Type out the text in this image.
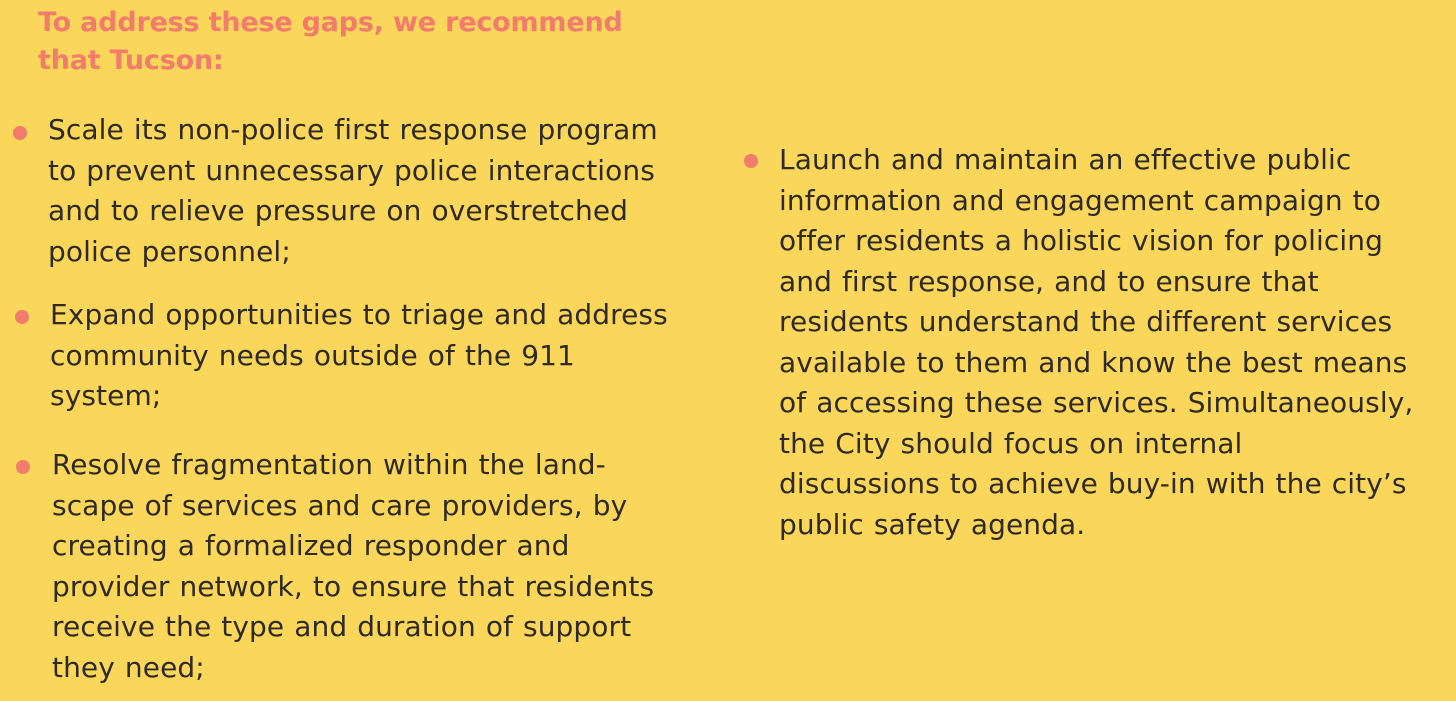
To address these gaps, we recommend that Tucson:
Scale its non-police first response program
to prevent unnecessary police interactions
and to relieve pressure on overstretched
police personnel;
Expand opportunities to triage and address
community needs outside of the 911
system;
Resolve fragmentation within the land-
scape of services and care providers, by
creating a formalized responder and
provider network, to ensure that residents
receive the type and duration of support
they need;
Launch and maintain an effective public
information and engagement campaign to
offer residents a holistic vision for policing
and first response, and to ensure that
residents understand the different services
available to them and know the best means
of accessing these services. Simultaneously,
the City should focus on internal
discussions to achieve buy-in with the city’s
public safety agenda.
